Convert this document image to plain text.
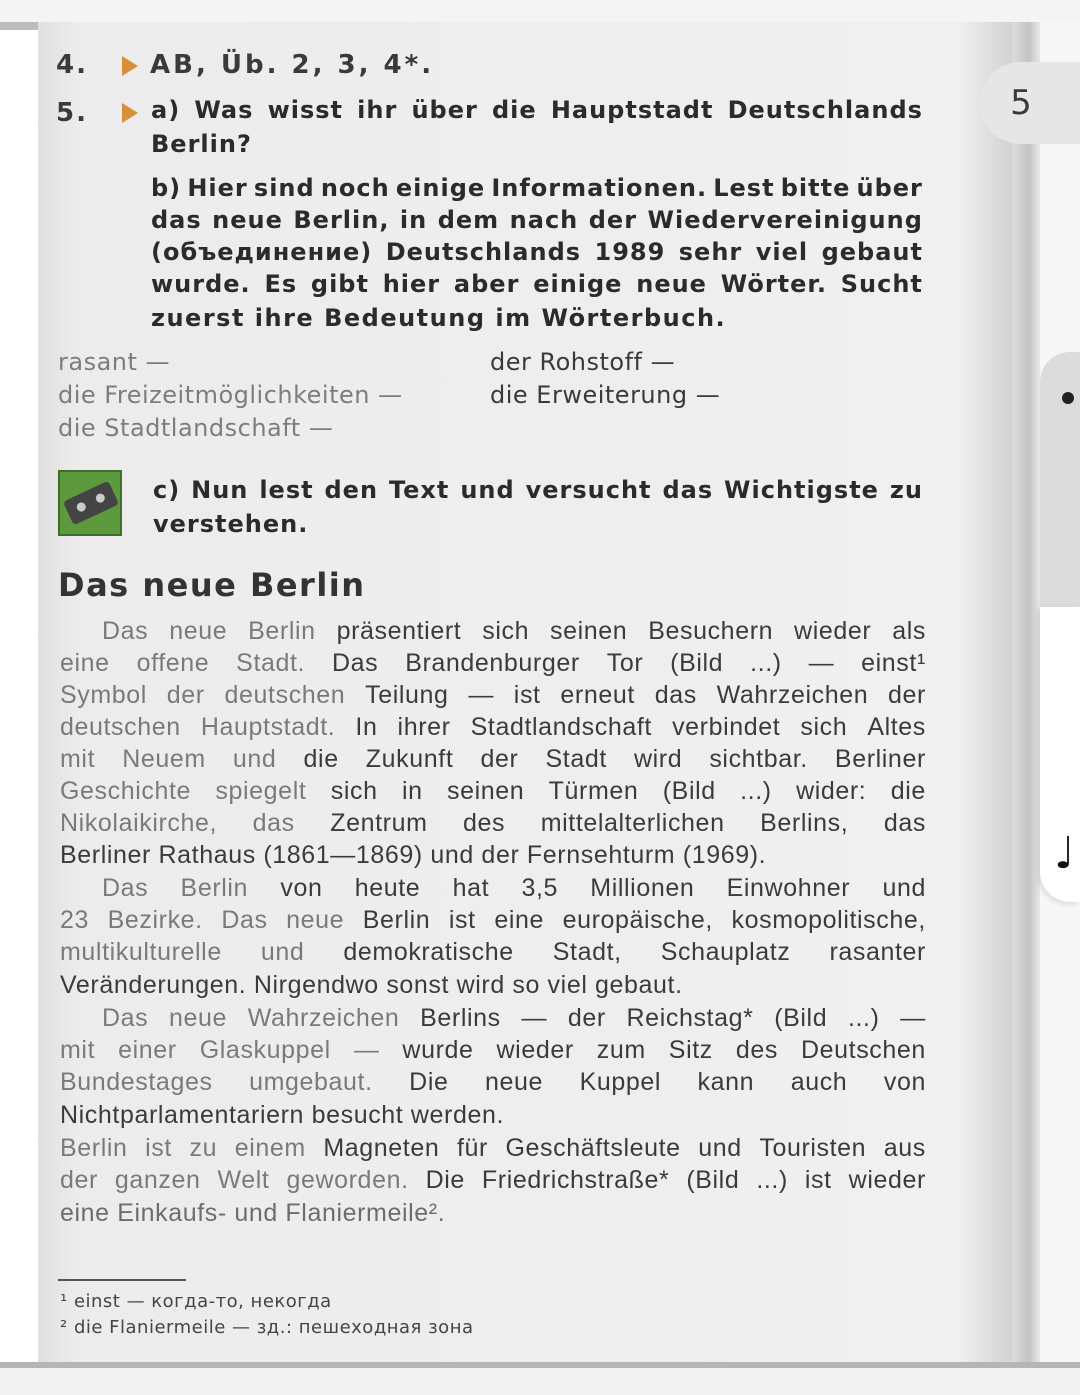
5
♩
4. AB, Üb. 2, 3, 4*.
5.	a) Was wisst ihr über die Hauptstadt Deutschlands
Berlin?
b) Hier sind noch einige Informationen. Lest bitte über
das neue Berlin, in dem nach der Wiedervereinigung
(объединение) Deutschlands 1989 sehr viel gebaut
wurde. Es gibt hier aber einige neue Wörter. Sucht
zuerst ihre Bedeutung im Wörterbuch.
rasant —
die Freizeitmöglichkeiten —
die Stadtlandschaft —
der Rohstoff —
die Erweiterung —
c) Nun lest den Text und versucht das Wichtigste zu
verstehen.
Das neue Berlin
Das neue Berlin präsentiert sich seinen Besuchern wieder als
eine offene Stadt. Das Brandenburger Tor (Bild ...) — einst¹
Symbol der deutschen Teilung — ist erneut das Wahrzeichen der
deutschen Hauptstadt. In ihrer Stadtlandschaft verbindet sich Altes
mit Neuem und die Zukunft der Stadt wird sichtbar. Berliner
Geschichte spiegelt sich in seinen Türmen (Bild ...) wider: die
Nikolaikirche, das Zentrum des mittelalterlichen Berlins, das
Berliner Rathaus (1861—1869) und der Fernsehturm (1969).
Das Berlin von heute hat 3,5 Millionen Einwohner und
23 Bezirke. Das neue Berlin ist eine europäische, kosmopolitische,
multikulturelle und demokratische Stadt, Schauplatz rasanter
Veränderungen. Nirgendwo sonst wird so viel gebaut.
Das neue Wahrzeichen Berlins — der Reichstag* (Bild ...) —
mit einer Glaskuppel — wurde wieder zum Sitz des Deutschen
Bundestages umgebaut. Die neue Kuppel kann auch von
Nichtparlamentariern besucht werden.
Berlin ist zu einem Magneten für Geschäftsleute und Touristen aus
der ganzen Welt geworden. Die Friedrichstraße* (Bild ...) ist wieder
eine Einkaufs- und Flaniermeile².
¹ einst — когда-то, некогда
² die Flaniermeile — зд.: пешеходная зона
